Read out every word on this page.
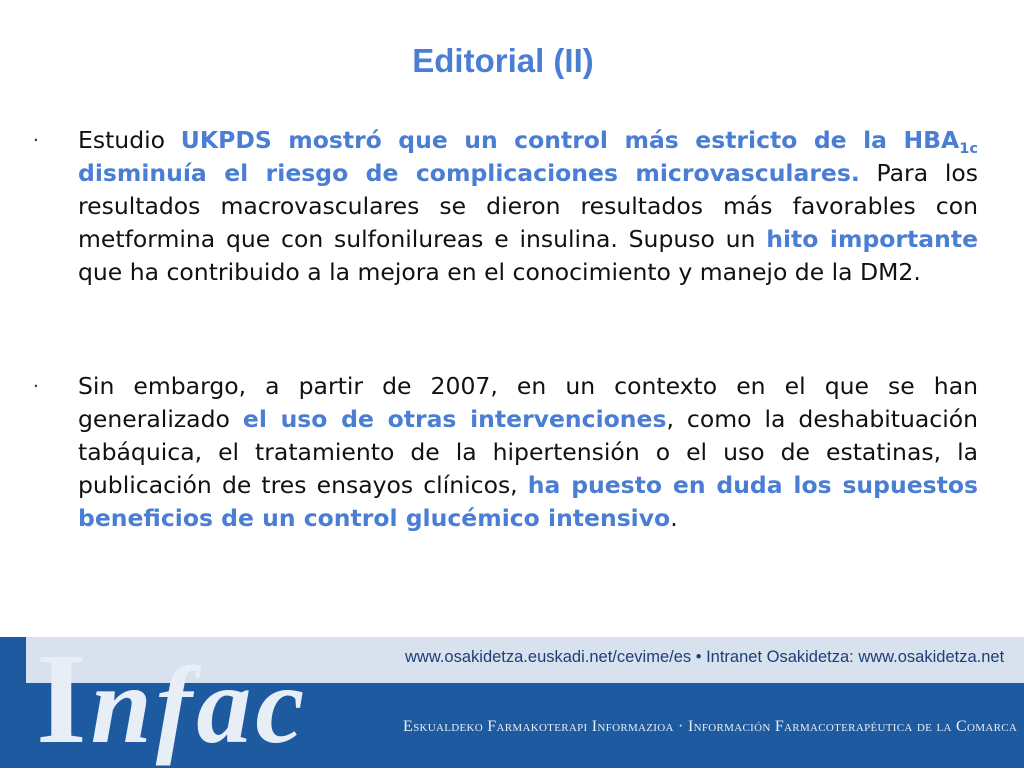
Editorial (II)
· Estudio UKPDS mostró que un control más estricto de la $HBA_{1c}$ disminuía el riesgo de complicaciones microvasculares. Para los resultados macrovasculares se dieron resultados más favorables con metformina que con sulfonilureas e insulina. Supuso un hito importante que ha contribuido a la mejora en el conocimiento y manejo de la DM2.
· Sin embargo, a partir de 2007, en un contexto en el que se han generalizado el uso de otras intervenciones, como la deshabituación tabáquica, el tratamiento de la hipertensión o el uso de estatinas, la publicación de tres ensayos clínicos, ha puesto en duda los supuestos beneficios de un control glucémico intensivo.
www.osakidetza.euskadi.net/cevime/es • Intranet Osakidetza: www.osakidetza.net
Infac	Eskualdeko Farmakoterapi Informazioa · Información Farmacoterapéutica de la Comarca
